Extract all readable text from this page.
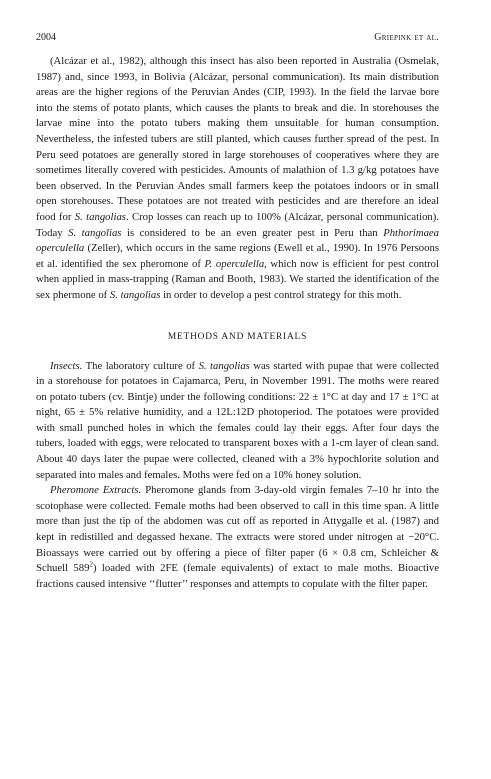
2004	Griepink et al.

(Alcázar et al., 1982), although this insect has also been reported in Australia (Osmelak, 1987) and, since 1993, in Bolivia (Alcázar, personal communication). Its main distribution areas are the higher regions of the Peruvian Andes (CIP, 1993). In the field the larvae bore into the stems of potato plants, which causes the plants to break and die. In storehouses the larvae mine into the potato tubers making them unsuitable for human consumption. Nevertheless, the infested tubers are still planted, which causes further spread of the pest. In Peru seed potatoes are generally stored in large storehouses of cooperatives where they are sometimes literally covered with pesticides. Amounts of malathion of 1.3 g/kg potatoes have been observed. In the Peruvian Andes small farmers keep the potatoes indoors or in small open storehouses. These potatoes are not treated with pesticides and are therefore an ideal food for S. tangolias. Crop losses can reach up to 100% (Alcázar, personal communication). Today S. tangolias is considered to be an even greater pest in Peru than Phthorimaea operculella (Zeller), which occurs in the same regions (Ewell et al., 1990). In 1976 Persoons et al. identified the sex pheromone of P. operculella, which now is efficient for pest control when applied in mass-trapping (Raman and Booth, 1983). We started the identification of the sex phermone of S. tangolias in order to develop a pest control strategy for this moth.

METHODS AND MATERIALS

Insects. The laboratory culture of S. tangolias was started with pupae that were collected in a storehouse for potatoes in Cajamarca, Peru, in November 1991. The moths were reared on potato tubers (cv. Bintje) under the following conditions: 22 ± 1°C at day and 17 ± 1°C at night, 65 ± 5% relative humidity, and a 12L:12D photoperiod. The potatoes were provided with small punched holes in which the females could lay their eggs. After four days the tubers, loaded with eggs, were relocated to transparent boxes with a 1-cm layer of clean sand. About 40 days later the pupae were collected, cleaned with a 3% hypochlorite solution and separated into males and females. Moths were fed on a 10% honey solution.

Pheromone Extracts. Pheromone glands from 3-day-old virgin females 7–10 hr into the scotophase were collected. Female moths had been observed to call in this time span. A little more than just the tip of the abdomen was cut off as reported in Attygalle et al. (1987) and kept in redistilled and degassed hexane. The extracts were stored under nitrogen at −20°C. Bioassays were carried out by offering a piece of filter paper (6 × 0.8 cm, Schleicher & Schuell $589^2$) loaded with 2FE (female equivalents) of extact to male moths. Bioactive fractions caused intensive ‘‘flutter’’ responses and attempts to copulate with the filter paper.
